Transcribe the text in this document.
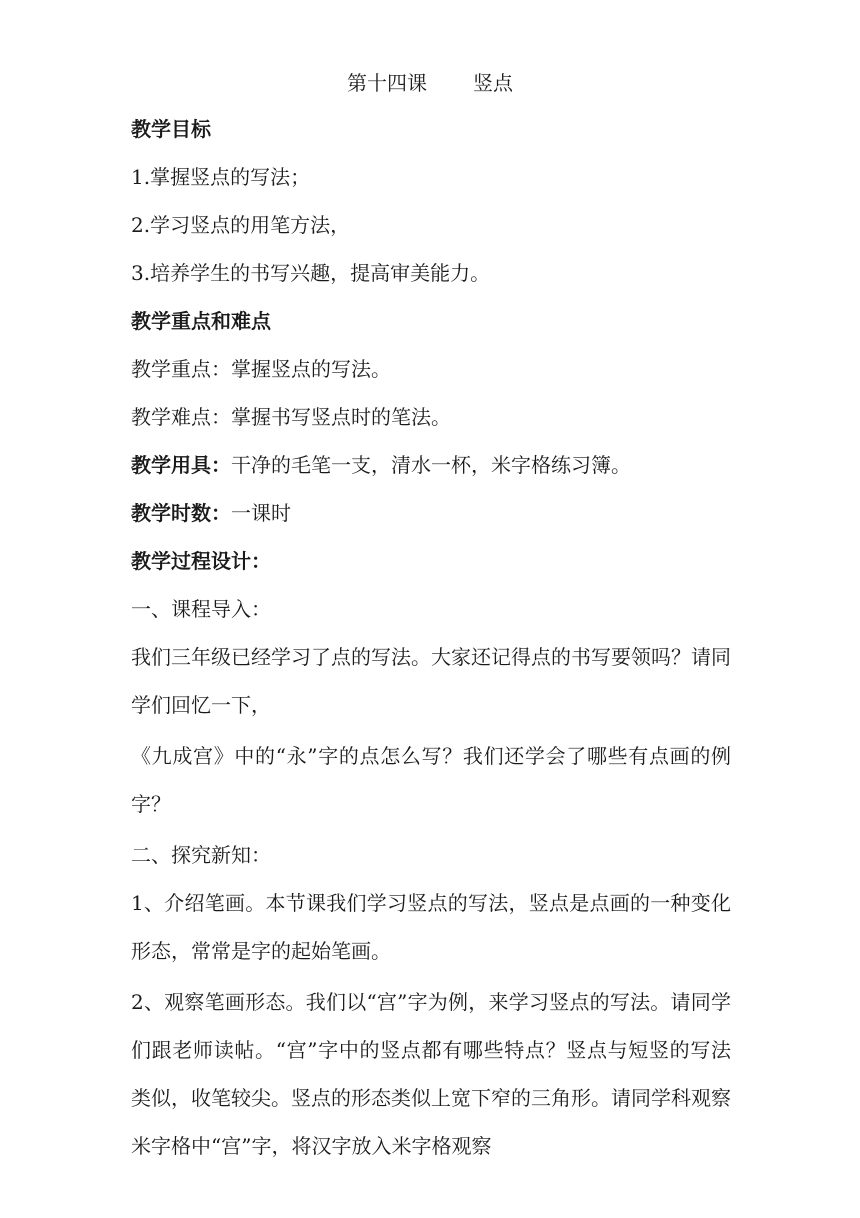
第十四课 竖点
教学目标
1.掌握竖点的写法；
2.学习竖点的用笔方法，
3.培养学生的书写兴趣，提高审美能力。
教学重点和难点
教学重点：掌握竖点的写法。
教学难点：掌握书写竖点时的笔法。
教学用具：干净的毛笔一支，清水一杯，米字格练习簿。
教学时数：一课时
教学过程设计：
一、课程导入：
我们三年级已经学习了点的写法。大家还记得点的书写要领吗？请同学们回忆一下，
《九成宫》中的“永”字的点怎么写？我们还学会了哪些有点画的例字？
二、探究新知：
1、介绍笔画。本节课我们学习竖点的写法，竖点是点画的一种变化形态，常常是字的起始笔画。
2、观察笔画形态。我们以“宫”字为例，来学习竖点的写法。请同学们跟老师读帖。“宫”字中的竖点都有哪些特点？竖点与短竖的写法类似，收笔较尖。竖点的形态类似上宽下窄的三角形。请同学科观察米字格中“宫”字，将汉字放入米字格观察
